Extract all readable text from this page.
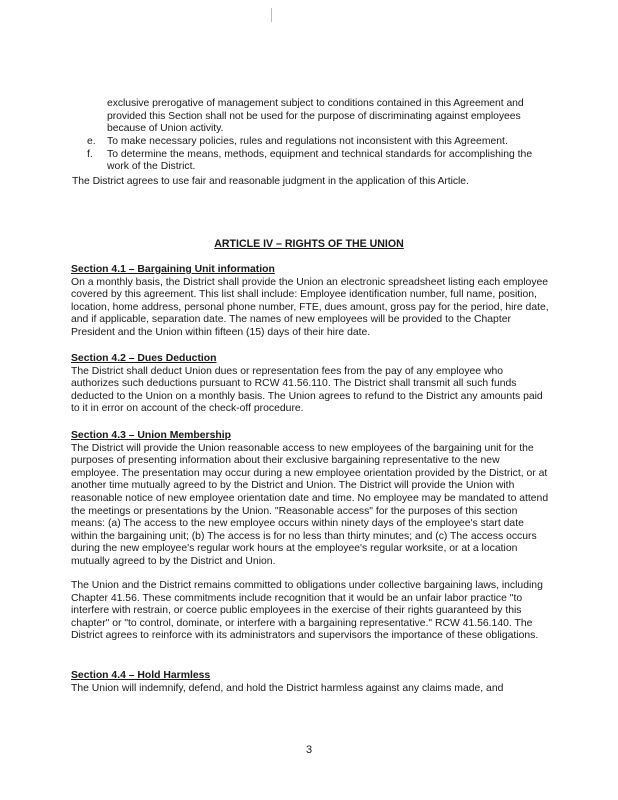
exclusive prerogative of management subject to conditions contained in this Agreement and provided this Section shall not be used for the purpose of discriminating against employees because of Union activity.
e. To make necessary policies, rules and regulations not inconsistent with this Agreement.
f. To determine the means, methods, equipment and technical standards for accomplishing the work of the District.
The District agrees to use fair and reasonable judgment in the application of this Article.
ARTICLE IV – RIGHTS OF THE UNION
Section 4.1 – Bargaining Unit information

On a monthly basis, the District shall provide the Union an electronic spreadsheet listing each employee covered by this agreement. This list shall include: Employee identification number, full name, position, location, home address, personal phone number, FTE, dues amount, gross pay for the period, hire date, and if applicable, separation date. The names of new employees will be provided to the Chapter President and the Union within fifteen (15) days of their hire date.

Section 4.2 – Dues Deduction

The District shall deduct Union dues or representation fees from the pay of any employee who authorizes such deductions pursuant to RCW 41.56.110. The District shall transmit all such funds deducted to the Union on a monthly basis. The Union agrees to refund to the District any amounts paid to it in error on account of the check-off procedure.

Section 4.3 – Union Membership

The District will provide the Union reasonable access to new employees of the bargaining unit for the purposes of presenting information about their exclusive bargaining representative to the new employee. The presentation may occur during a new employee orientation provided by the District, or at another time mutually agreed to by the District and Union. The District will provide the Union with reasonable notice of new employee orientation date and time. No employee may be mandated to attend the meetings or presentations by the Union. "Reasonable access" for the purposes of this section means: (a) The access to the new employee occurs within ninety days of the employee's start date within the bargaining unit; (b) The access is for no less than thirty minutes; and (c) The access occurs during the new employee's regular work hours at the employee's regular worksite, or at a location mutually agreed to by the District and Union.

The Union and the District remains committed to obligations under collective bargaining laws, including Chapter 41.56. These commitments include recognition that it would be an unfair labor practice "to interfere with restrain, or coerce public employees in the exercise of their rights guaranteed by this chapter" or "to control, dominate, or interfere with a bargaining representative." RCW 41.56.140. The District agrees to reinforce with its administrators and supervisors the importance of these obligations.

Section 4.4 – Hold Harmless

The Union will indemnify, defend, and hold the District harmless against any claims made, and

3
